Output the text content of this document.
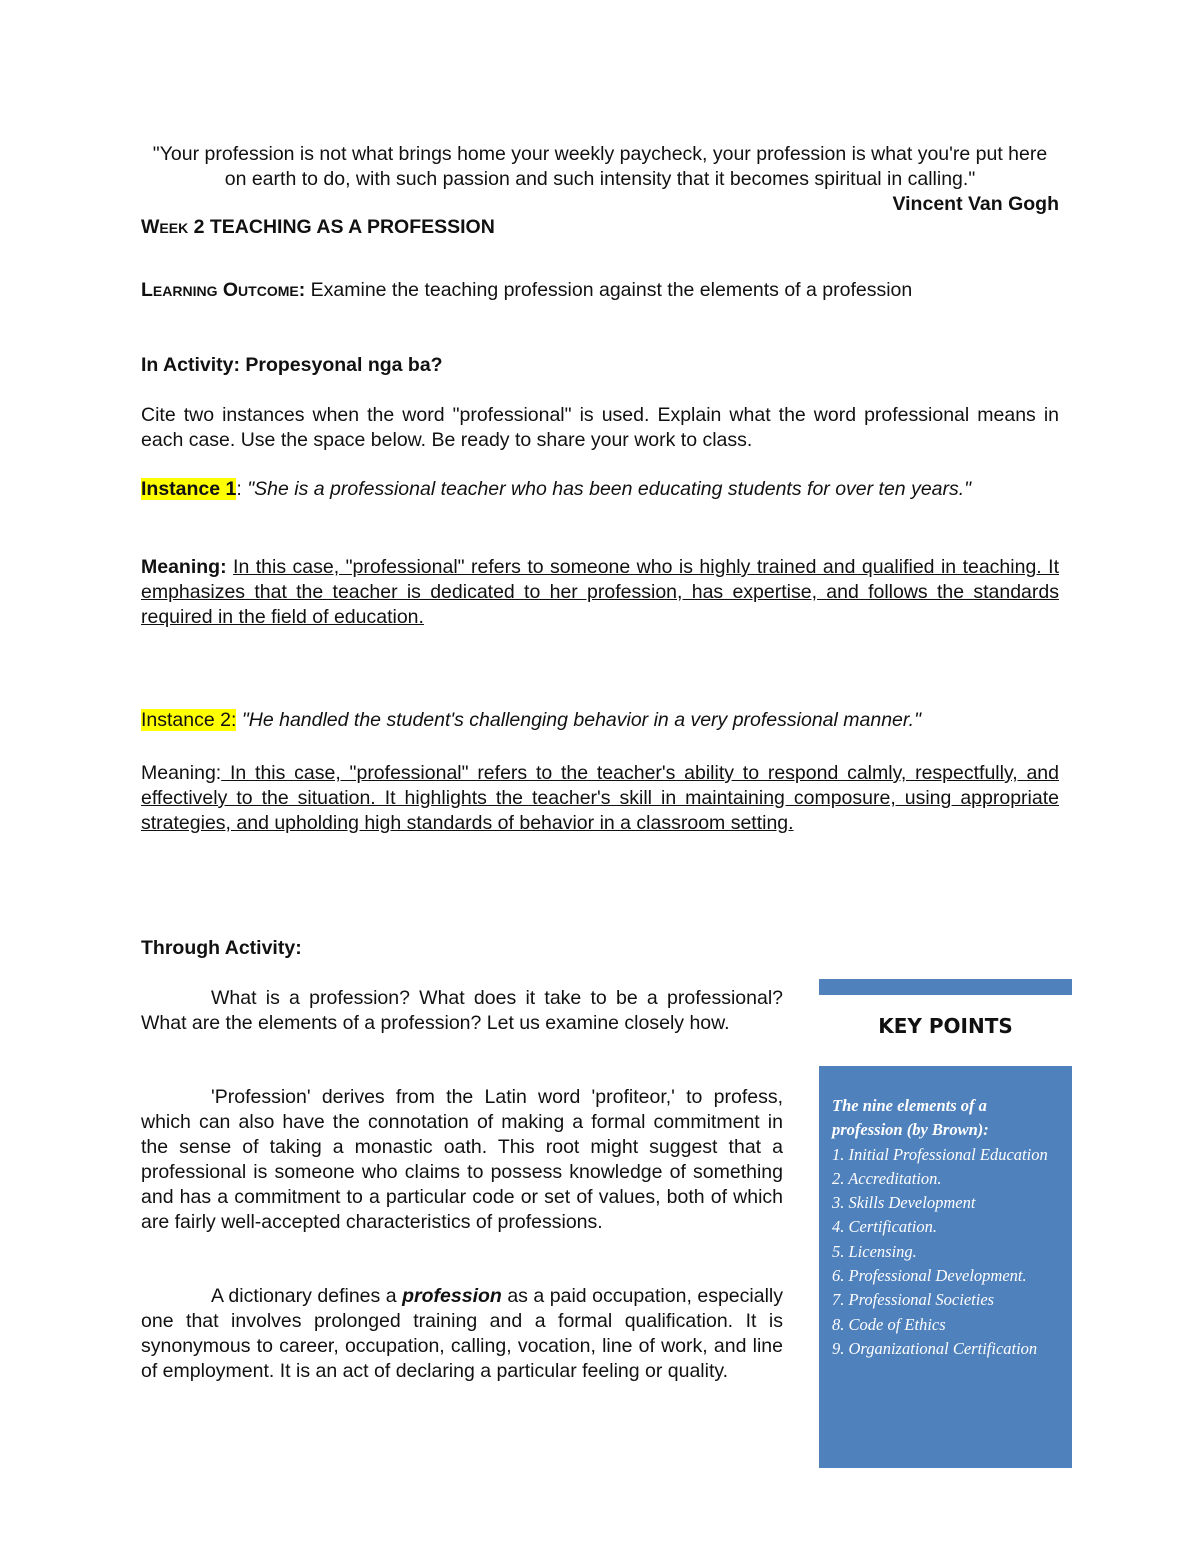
"Your profession is not what brings home your weekly paycheck, your profession is what you're put here on earth to do, with such passion and such intensity that it becomes spiritual in calling."
Vincent Van Gogh
Week 2 TEACHING AS A PROFESSION
Learning Outcome: Examine the teaching profession against the elements of a profession
In Activity: Propesyonal nga ba?
Cite two instances when the word "professional" is used. Explain what the word professional means in each case. Use the space below. Be ready to share your work to class.
Instance 1: "She is a professional teacher who has been educating students for over ten years."
Meaning: In this case, "professional" refers to someone who is highly trained and qualified in teaching. It emphasizes that the teacher is dedicated to her profession, has expertise, and follows the standards required in the field of education.
Instance 2: "He handled the student's challenging behavior in a very professional manner."
Meaning: In this case, "professional" refers to the teacher's ability to respond calmly, respectfully, and effectively to the situation. It highlights the teacher's skill in maintaining composure, using appropriate strategies, and upholding high standards of behavior in a classroom setting.
Through Activity:
What is a profession? What does it take to be a professional? What are the elements of a profession? Let us examine closely how.
'Profession' derives from the Latin word 'profiteor,' to profess, which can also have the connotation of making a formal commitment in the sense of taking a monastic oath. This root might suggest that a professional is someone who claims to possess knowledge of something and has a commitment to a particular code or set of values, both of which are fairly well-accepted characteristics of professions.
A dictionary defines a profession as a paid occupation, especially one that involves prolonged training and a formal qualification. It is synonymous to career, occupation, calling, vocation, line of work, and line of employment. It is an act of declaring a particular feeling or quality.
KEY POINTS
The nine elements of a profession (by Brown):
1. Initial Professional Education
2. Accreditation.
3. Skills Development
4. Certification.
5. Licensing.
6. Professional Development.
7. Professional Societies
8. Code of Ethics
9. Organizational Certification
